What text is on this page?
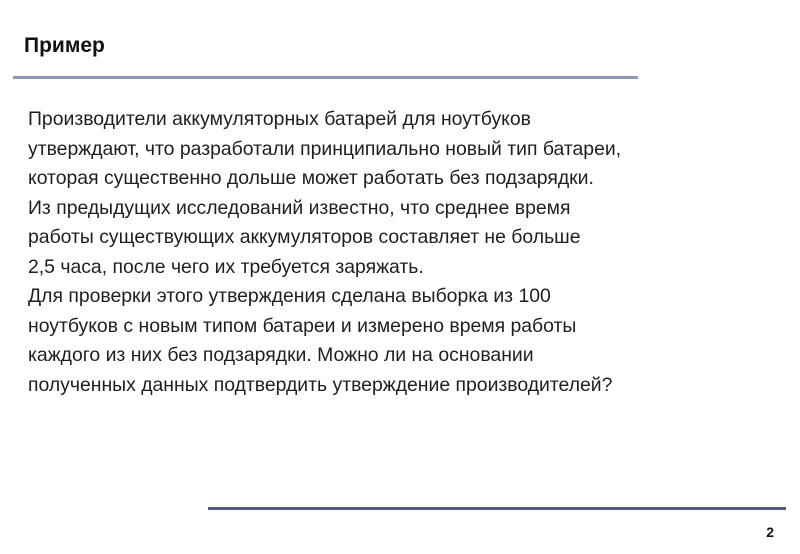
Пример
Производители аккумуляторных батарей для ноутбуков
утверждают, что разработали принципиально новый тип батареи,
которая существенно дольше может работать без подзарядки.
Из предыдущих исследований известно, что среднее время
работы существующих аккумуляторов составляет не больше
2,5 часа, после чего их требуется заряжать.
Для проверки этого утверждения сделана выборка из 100
ноутбуков с новым типом батареи и измерено время работы
каждого из них без подзарядки. Можно ли на основании
полученных данных подтвердить утверждение производителей?
2
